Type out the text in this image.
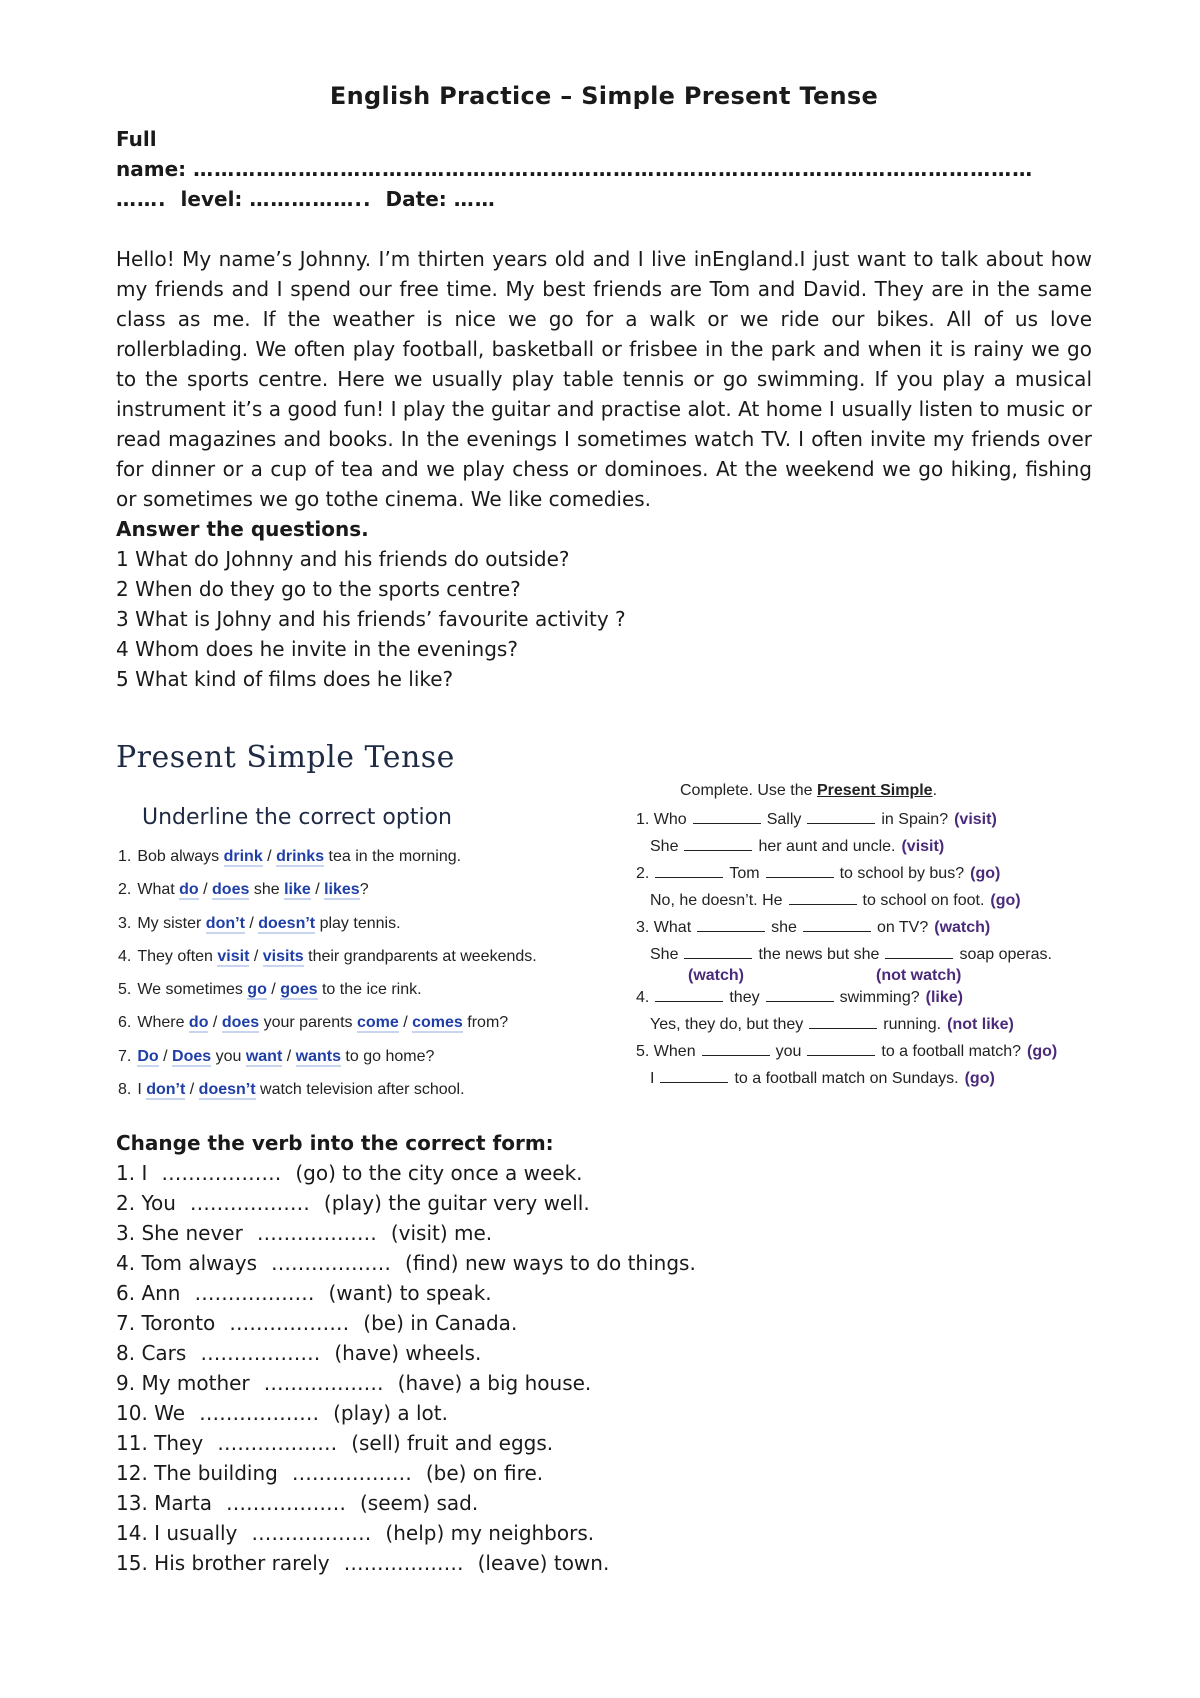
English Practice – Simple Present Tense

Full

name: …………………………………………………………………………………………………………

……. level: …………….. Date: ……

Hello! My name’s Johnny. I’m thirten years old and I live inEngland.I just want to talk about how my friends and I spend our free time. My best friends are Tom and David. They are in the same class as me. If the weather is nice we go for a walk or we ride our bikes. All of us love rollerblading. We often play football, basketball or frisbee in the park and when it is rainy we go to the sports centre. Here we usually play table tennis or go swimming. If you play a musical instrument it’s a good fun! I play the guitar and practise alot. At home I usually listen to music or read magazines and books. In the evenings I sometimes watch TV. I often invite my friends over for dinner or a cup of tea and we play chess or dominoes. At the weekend we go hiking, fishing or sometimes we go tothe cinema. We like comedies.

Answer the questions.

1 What do Johnny and his friends do outside?

2 When do they go to the sports centre?

3 What is Johny and his friends’ favourite activity ?

4 Whom does he invite in the evenings?

5 What kind of films does he like?

Present Simple Tense
Underline the correct option
1. Bob always drink / drinks tea in the morning.
2. What do / does she like / likes?
3. My sister don’t / doesn’t play tennis.
4. They often visit / visits their grandparents at weekends.
5. We sometimes go / goes to the ice rink.
6. Where do / does your parents come / comes from?
7. Do / Does you want / wants to go home?
8. I don’t / doesn’t watch television after school.
Complete. Use the Present Simple.
1. Who	Sally	in Spain? (visit)
She	her aunt and uncle. (visit)
2.	Tom	to school by bus? (go)
No, he doesn’t. He	to school on foot. (go)
3. What	she	on TV? (watch)
She	the news but she	soap operas.
(watch)	(not watch)
4.	they	swimming? (like)
Yes, they do, but they	running. (not like)
5. When	you	to a football match? (go)
I	to a football match on Sundays. (go)

Change the verb into the correct form:

1. I ……………… (go) to the city once a week.
2. You ……………… (play) the guitar very well.
3. She never ……………… (visit) me.
4. Tom always ……………… (find) new ways to do things.
6. Ann ……………… (want) to speak.
7. Toronto ……………… (be) in Canada.
8. Cars ……………… (have) wheels.
9. My mother ……………… (have) a big house.
10. We ……………… (play) a lot.
11. They ……………… (sell) fruit and eggs.
12. The building ……………… (be) on fire.
13. Marta ……………… (seem) sad.
14. I usually ……………… (help) my neighbors.
15. His brother rarely ……………… (leave) town.
